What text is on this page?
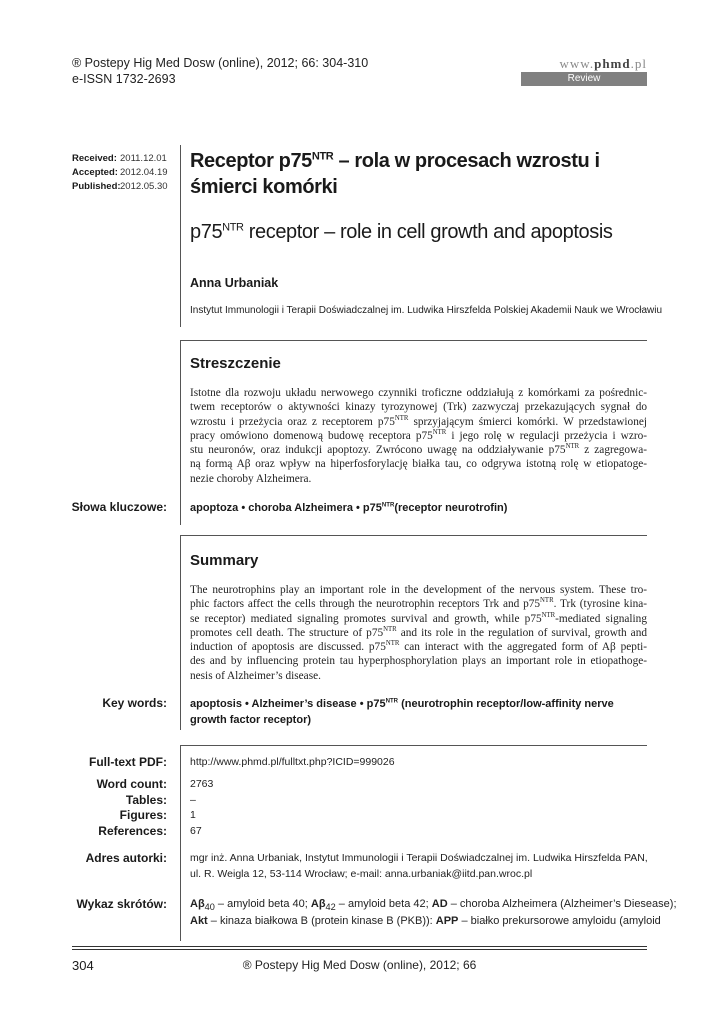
® Postepy Hig Med Dosw (online), 2012; 66: 304-310
e-ISSN 1732-2693
www.phmd.pl
Review
Received: 2011.12.01
Accepted: 2012.04.19
Published: 2012.05.30
Receptor $p75^{NTR}$ – rola w procesach wzrostu i śmierci komórki
$p75^{NTR}$ receptor – role in cell growth and apoptosis
Anna Urbaniak
Instytut Immunologii i Terapii Doświadczalnej im. Ludwika Hirszfelda Polskiej Akademii Nauk we Wrocławiu
Streszczenie
Istotne dla rozwoju układu nerwowego czynniki troficzne oddziałują z komórkami za pośrednic-
twem receptorów o aktywności kinazy tyrozynowej (Trk) zazwyczaj przekazujących sygnał do
wzrostu i przeżycia oraz z receptorem $p75^{NTR}$ sprzyjającym śmierci komórki. W przedstawionej
pracy omówiono domenową budowę receptora $p75^{NTR}$ i jego rolę w regulacji przeżycia i wzro-
stu neuronów, oraz indukcji apoptozy. Zwrócono uwagę na oddziaływanie $p75^{NTR}$ z zagregowa-
ną formą Aβ oraz wpływ na hiperfosforylację białka tau, co odgrywa istotną rolę w etiopatoge-
nezie choroby Alzheimera.
Słowa kluczowe: apoptoza • choroba Alzheimera • $p75^{NTR}(receptor$ neurotrofin)
Summary
The neurotrophins play an important role in the development of the nervous system. These tro-
phic factors affect the cells through the neurotrophin receptors Trk and $p75^{NTR}$. Trk (tyrosine kina-
se receptor) mediated signaling promotes survival and growth, while $p75^{NTR}$-mediated signaling
promotes cell death. The structure of $p75^{NTR}$ and its role in the regulation of survival, growth and
induction of apoptosis are discussed. $p75^{NTR}$ can interact with the aggregated form of Aβ pepti-
des and by influencing protein tau hyperphosphorylation plays an important role in etiopathoge-
nesis of Alzheimer’s disease.
Key words: apoptosis • Alzheimer’s disease • $p75^{NTR}$ (neurotrophin receptor/low-affinity nerve growth factor receptor)
Full-text PDF: http://www.phmd.pl/fulltxt.php?ICID=999026
Word count: 2763
Tables: –
Figures: 1
References: 67
Adres autorki: mgr inż. Anna Urbaniak, Instytut Immunologii i Terapii Doświadczalnej im. Ludwika Hirszfelda PAN,
ul. R. Weigla 12, 53-114 Wrocław; e-mail: anna.urbaniak@iitd.pan.wroc.pl
Wykaz skrótów: $A\beta_{40}$ – amyloid beta 40; $A\beta_{42}$ – amyloid beta 42; AD – choroba Alzheimera (Alzheimer’s Diesease);
Akt – kinaza białkowa B (protein kinase B (PKB)): APP – białko prekursorowe amyloidu (amyloid
304	® Postepy Hig Med Dosw (online), 2012; 66
